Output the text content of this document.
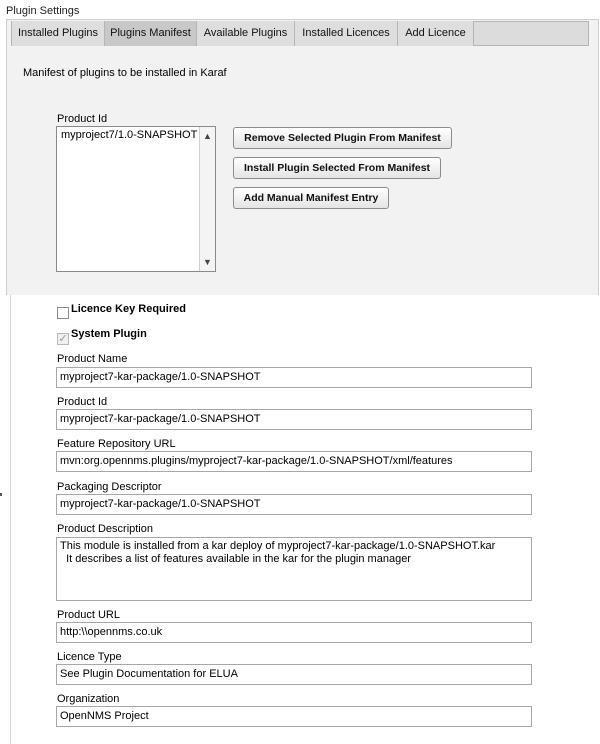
Plugin Settings
Installed Plugins	Plugins Manifest	Available Plugins	Installed Licences	Add Licence
Manifest of plugins to be installed in Karaf
Product Id
myproject7/1.0-SNAPSHOT ▲
▼
Remove Selected Plugin From Manifest
Install Plugin Selected From Manifest
Add Manual Manifest Entry
Licence Key Required
✓ System Plugin
Product Name
myproject7-kar-package/1.0-SNAPSHOT
Product Id
myproject7-kar-package/1.0-SNAPSHOT
Feature Repository URL
mvn:org.opennms.plugins/myproject7-kar-package/1.0-SNAPSHOT/xml/features
Packaging Descriptor
myproject7-kar-package/1.0-SNAPSHOT
Product Description
This module is installed from a kar deploy of myproject7-kar-package/1.0-SNAPSHOT.kar
It describes a list of features available in the kar for the plugin manager
Product URL
http:\\opennms.co.uk
Licence Type
See Plugin Documentation for ELUA
Organization
OpenNMS Project
